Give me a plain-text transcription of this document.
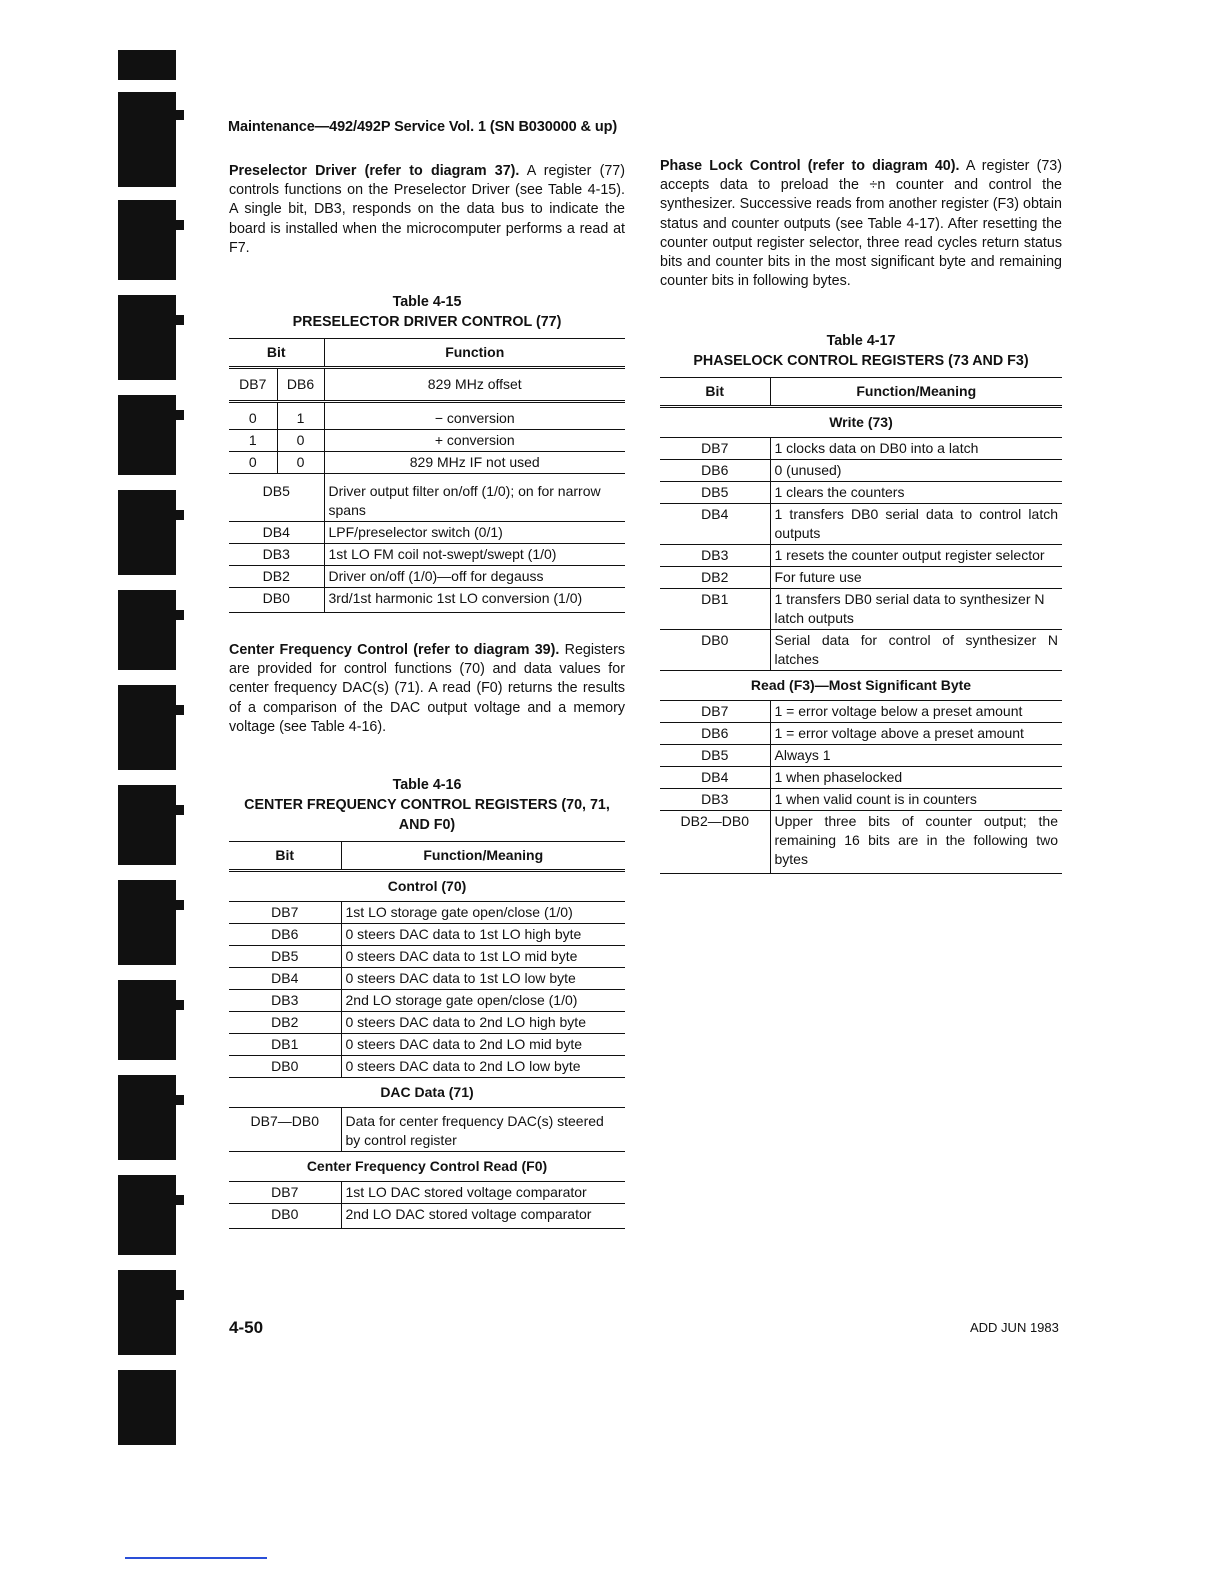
Maintenance—492/492P Service Vol. 1 (SN B030000 & up)

Preselector Driver (refer to diagram 37). A register (77) controls functions on the Preselector Driver (see Table 4-15). A single bit, DB3, responds on the data bus to indicate the board is installed when the microcomputer performs a read at F7.

Table 4-15
PRESELECTOR DRIVER CONTROL (77)
Bit		Function
DB7	DB6	829 MHz offset
0	1	− conversion
1	0	+ conversion
0	0	829 MHz IF not used
DB5		Driver output filter on/off (1/0); on for narrow spans
DB4		LPF/preselector switch (0/1)
DB3		1st LO FM coil not-swept/swept (1/0)
DB2		Driver on/off (1/0)—off for degauss
DB0		3rd/1st harmonic 1st LO conversion (1/0)

Center Frequency Control (refer to diagram 39). Registers are provided for control functions (70) and data values for center frequency DAC(s) (71). A read (F0) returns the results of a comparison of the DAC output voltage and a memory voltage (see Table 4-16).

Table 4-16
CENTER FREQUENCY CONTROL REGISTERS (70, 71, AND F0)
Bit	Function/Meaning
Control (70)	
DB7	1st LO storage gate open/close (1/0)
DB6	0 steers DAC data to 1st LO high byte
DB5	0 steers DAC data to 1st LO mid byte
DB4	0 steers DAC data to 1st LO low byte
DB3	2nd LO storage gate open/close (1/0)
DB2	0 steers DAC data to 2nd LO high byte
DB1	0 steers DAC data to 2nd LO mid byte
DB0	0 steers DAC data to 2nd LO low byte
DAC Data (71)	
DB7—DB0	Data for center frequency DAC(s) steered by control register
Center Frequency Control Read (F0)	
DB7	1st LO DAC stored voltage comparator
DB0	2nd LO DAC stored voltage comparator

Phase Lock Control (refer to diagram 40). A register (73) accepts data to preload the ÷n counter and control the synthesizer. Successive reads from another register (F3) obtain status and counter outputs (see Table 4-17). After resetting the counter output register selector, three read cycles return status bits and counter bits in the most significant byte and remaining counter bits in following bytes.

Table 4-17
PHASELOCK CONTROL REGISTERS (73 AND F3)
Bit	Function/Meaning
Write (73)	
DB7	1 clocks data on DB0 into a latch
DB6	0 (unused)
DB5	1 clears the counters
DB4	1 transfers DB0 serial data to control latch outputs
DB3	1 resets the counter output register selector
DB2	For future use
DB1	1 transfers DB0 serial data to synthesizer N latch outputs
DB0	Serial data for control of synthesizer N latches
Read (F3)—Most Significant Byte	
DB7	1 = error voltage below a preset amount
DB6	1 = error voltage above a preset amount
DB5	Always 1
DB4	1 when phaselocked
DB3	1 when valid count is in counters
DB2—DB0	Upper three bits of counter output; the remaining 16 bits are in the following two bytes
4-50	ADD JUN 1983
